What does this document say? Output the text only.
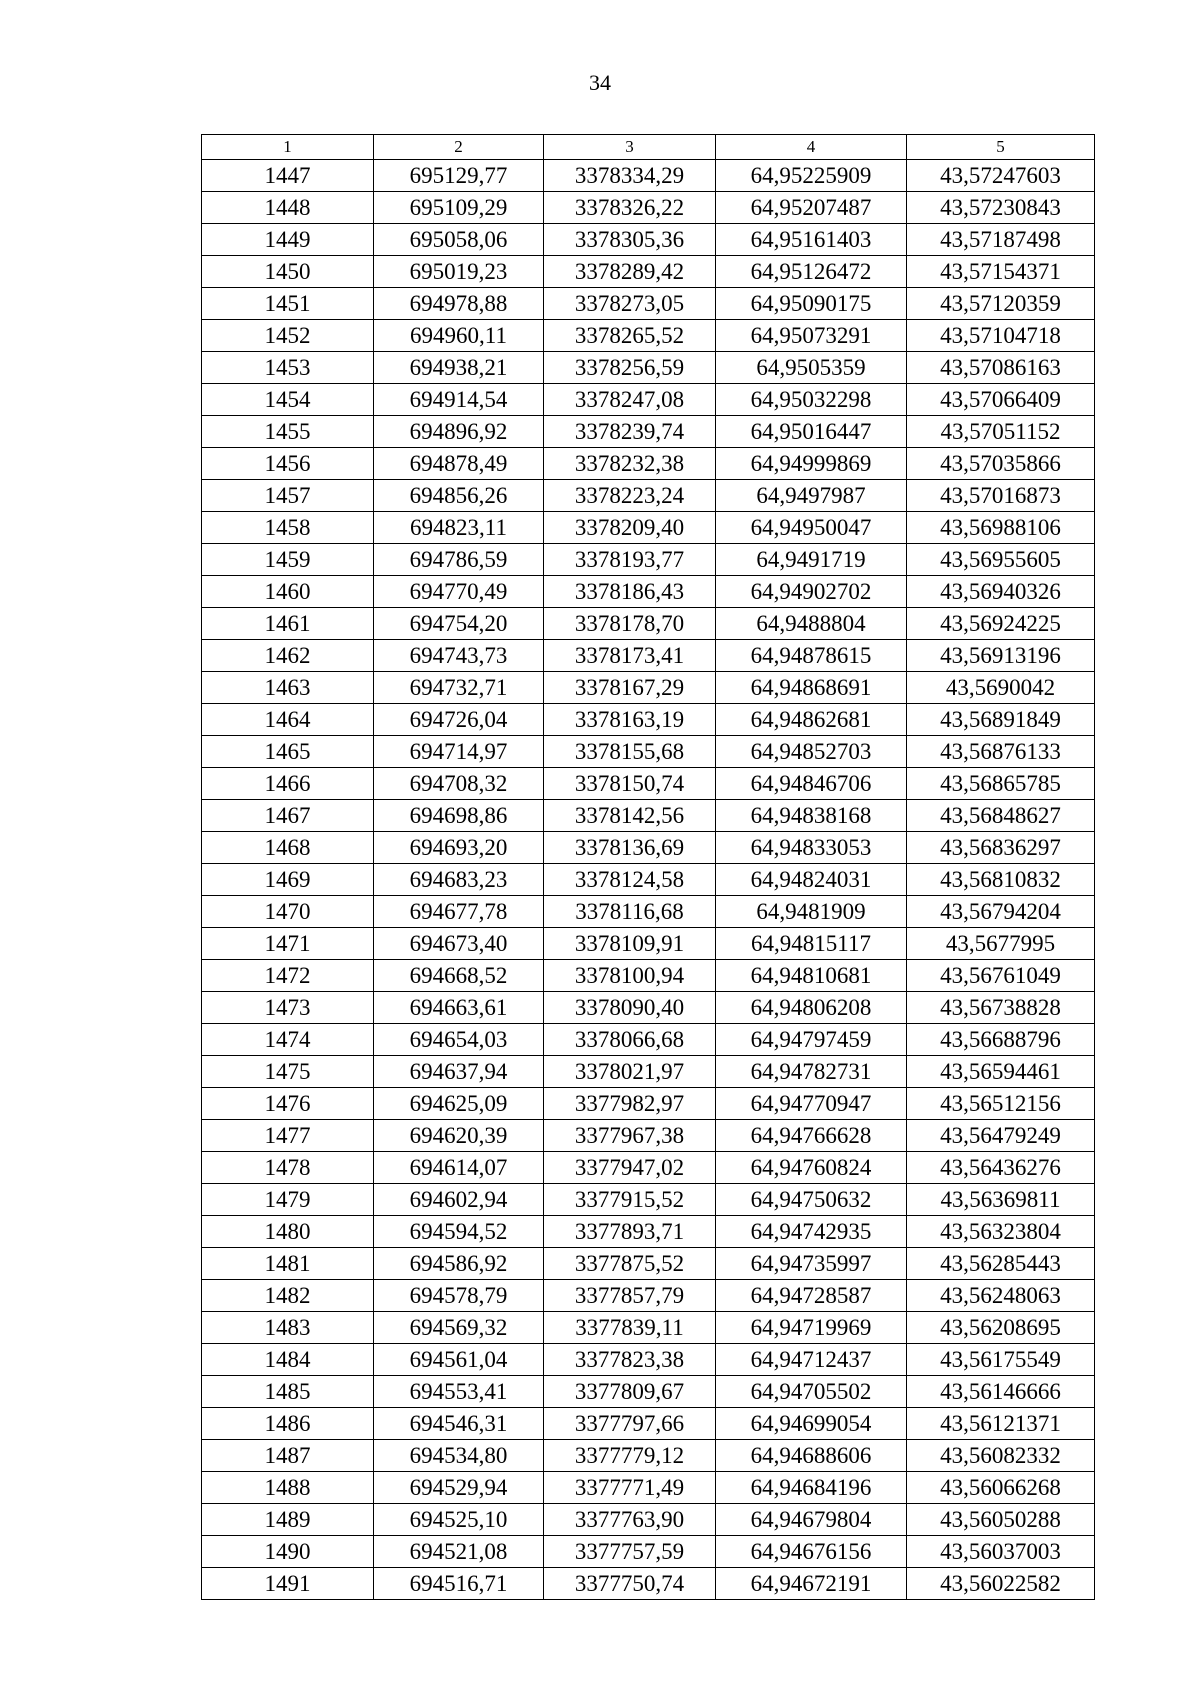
34
1	2	3	4	5
1447	695129,77	3378334,29	64,95225909	43,57247603
1448	695109,29	3378326,22	64,95207487	43,57230843
1449	695058,06	3378305,36	64,95161403	43,57187498
1450	695019,23	3378289,42	64,95126472	43,57154371
1451	694978,88	3378273,05	64,95090175	43,57120359
1452	694960,11	3378265,52	64,95073291	43,57104718
1453	694938,21	3378256,59	64,9505359	43,57086163
1454	694914,54	3378247,08	64,95032298	43,57066409
1455	694896,92	3378239,74	64,95016447	43,57051152
1456	694878,49	3378232,38	64,94999869	43,57035866
1457	694856,26	3378223,24	64,9497987	43,57016873
1458	694823,11	3378209,40	64,94950047	43,56988106
1459	694786,59	3378193,77	64,9491719	43,56955605
1460	694770,49	3378186,43	64,94902702	43,56940326
1461	694754,20	3378178,70	64,9488804	43,56924225
1462	694743,73	3378173,41	64,94878615	43,56913196
1463	694732,71	3378167,29	64,94868691	43,5690042
1464	694726,04	3378163,19	64,94862681	43,56891849
1465	694714,97	3378155,68	64,94852703	43,56876133
1466	694708,32	3378150,74	64,94846706	43,56865785
1467	694698,86	3378142,56	64,94838168	43,56848627
1468	694693,20	3378136,69	64,94833053	43,56836297
1469	694683,23	3378124,58	64,94824031	43,56810832
1470	694677,78	3378116,68	64,9481909	43,56794204
1471	694673,40	3378109,91	64,94815117	43,5677995
1472	694668,52	3378100,94	64,94810681	43,56761049
1473	694663,61	3378090,40	64,94806208	43,56738828
1474	694654,03	3378066,68	64,94797459	43,56688796
1475	694637,94	3378021,97	64,94782731	43,56594461
1476	694625,09	3377982,97	64,94770947	43,56512156
1477	694620,39	3377967,38	64,94766628	43,56479249
1478	694614,07	3377947,02	64,94760824	43,56436276
1479	694602,94	3377915,52	64,94750632	43,56369811
1480	694594,52	3377893,71	64,94742935	43,56323804
1481	694586,92	3377875,52	64,94735997	43,56285443
1482	694578,79	3377857,79	64,94728587	43,56248063
1483	694569,32	3377839,11	64,94719969	43,56208695
1484	694561,04	3377823,38	64,94712437	43,56175549
1485	694553,41	3377809,67	64,94705502	43,56146666
1486	694546,31	3377797,66	64,94699054	43,56121371
1487	694534,80	3377779,12	64,94688606	43,56082332
1488	694529,94	3377771,49	64,94684196	43,56066268
1489	694525,10	3377763,90	64,94679804	43,56050288
1490	694521,08	3377757,59	64,94676156	43,56037003
1491	694516,71	3377750,74	64,94672191	43,56022582
